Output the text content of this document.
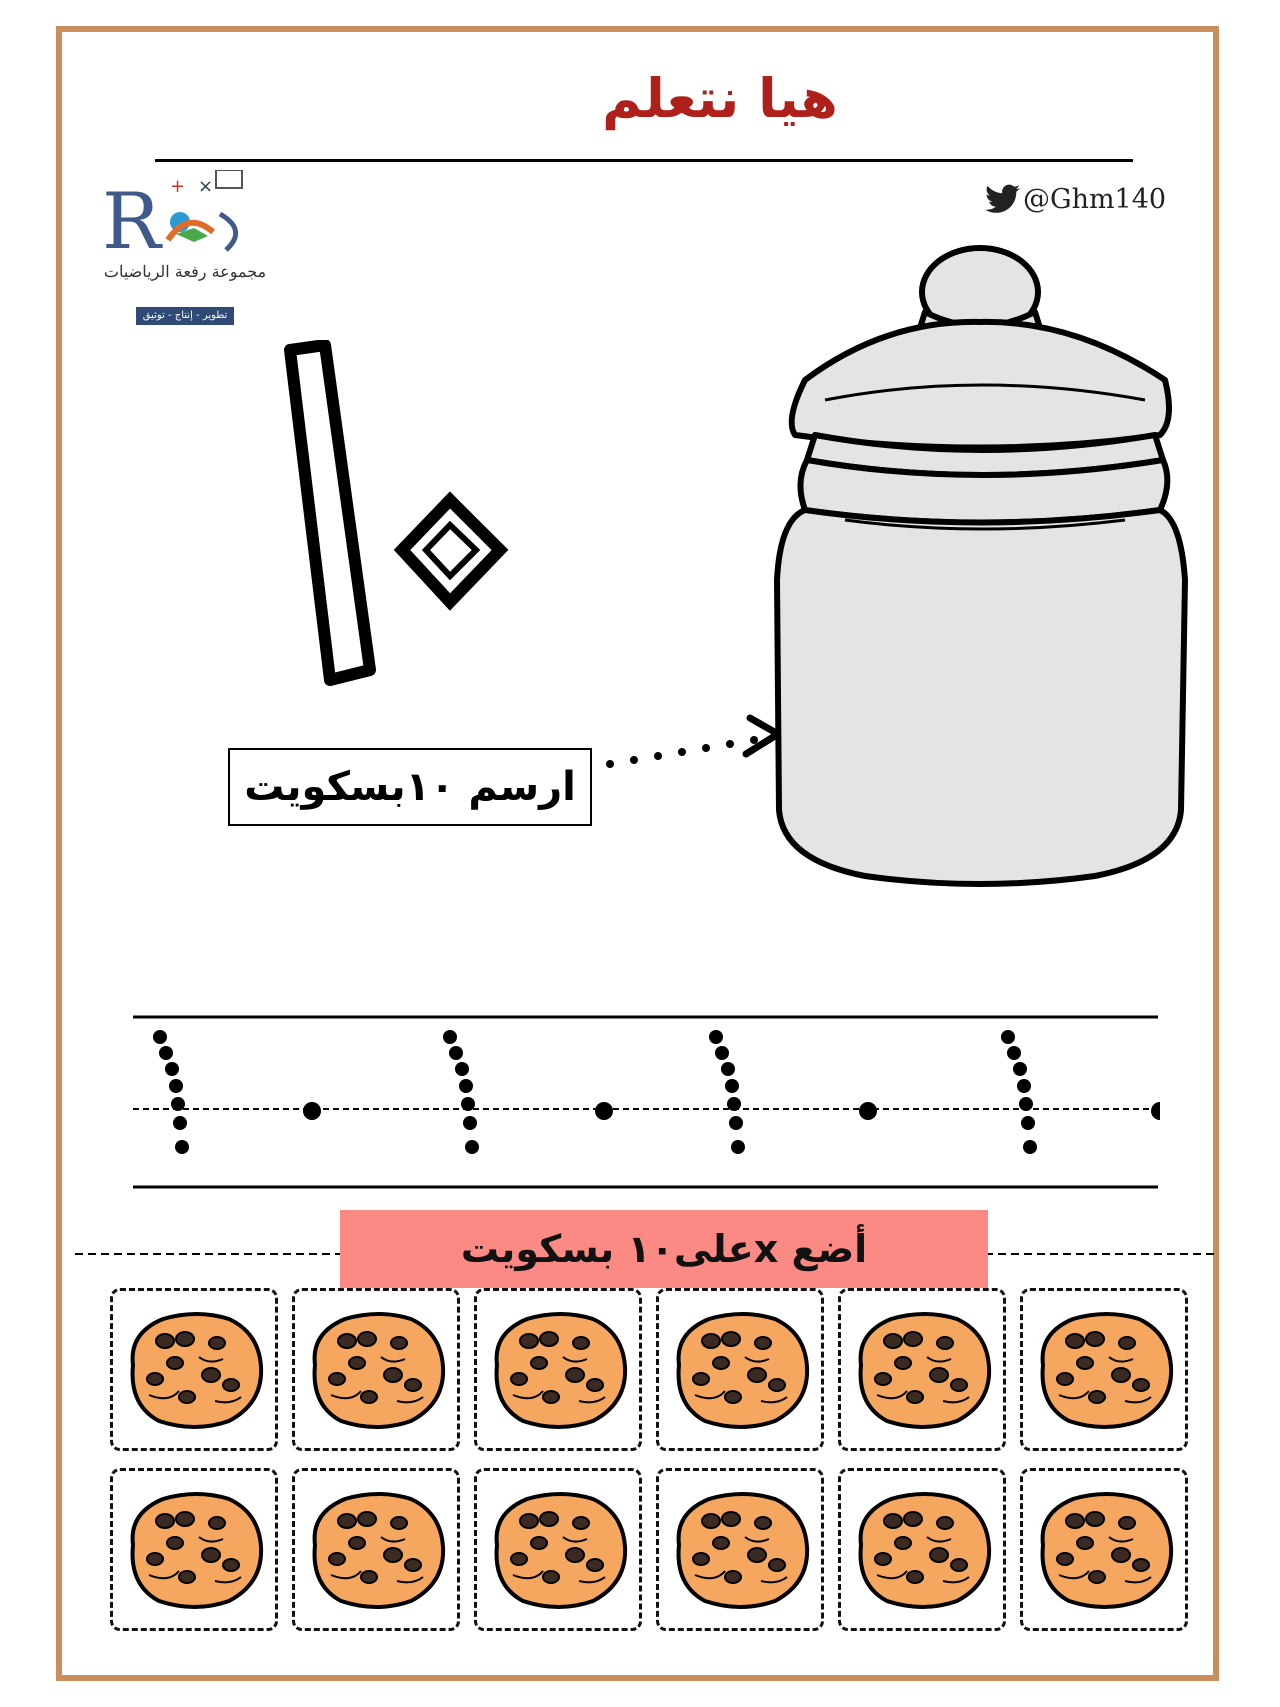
هيا نتعلم
R + ×
مجموعة رفعة الرياضيات
تطوير - إنتاج - توثيق
@Ghm140
ارسم ١٠بسكويت
أضع xعلى١٠ بسكويت
